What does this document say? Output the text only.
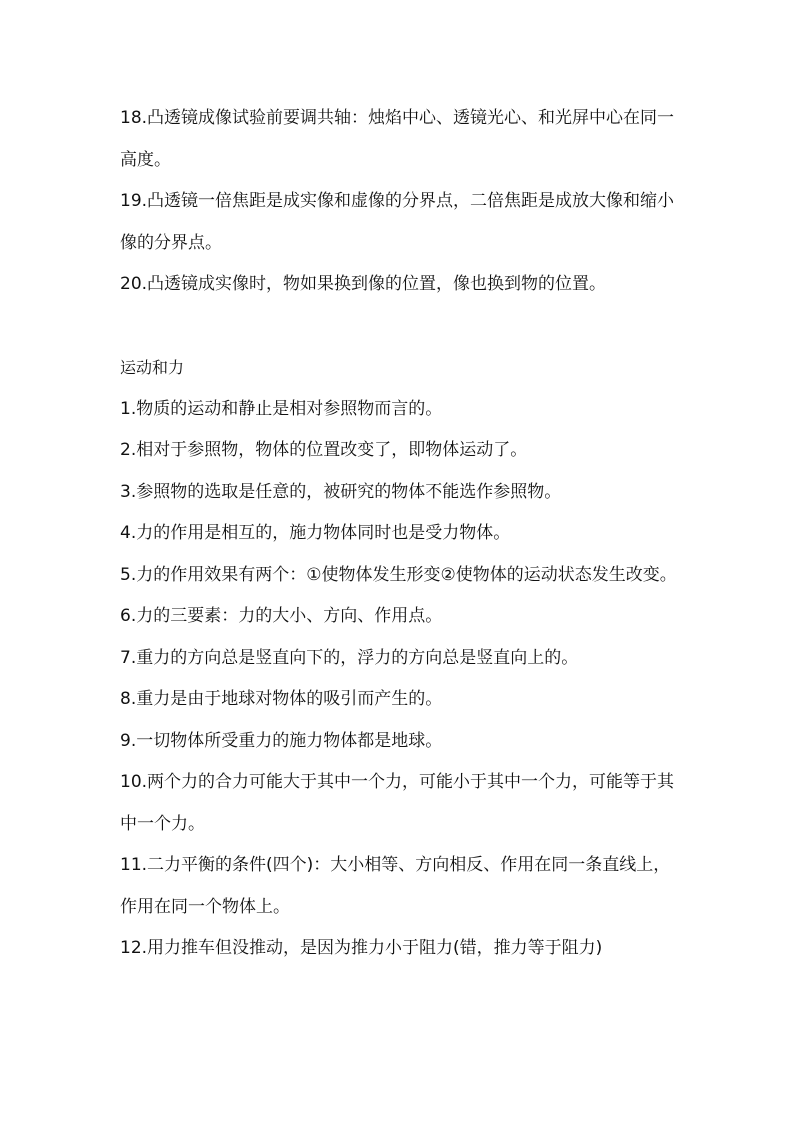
18.凸透镜成像试验前要调共轴：烛焰中心、透镜光心、和光屏中心在同一高度。

19.凸透镜一倍焦距是成实像和虚像的分界点，二倍焦距是成放大像和缩小像的分界点。

20.凸透镜成实像时，物如果换到像的位置，像也换到物的位置。

运动和力

1.物质的运动和静止是相对参照物而言的。

2.相对于参照物，物体的位置改变了，即物体运动了。

3.参照物的选取是任意的，被研究的物体不能选作参照物。

4.力的作用是相互的，施力物体同时也是受力物体。

5.力的作用效果有两个：①使物体发生形变②使物体的运动状态发生改变。

6.力的三要素：力的大小、方向、作用点。

7.重力的方向总是竖直向下的，浮力的方向总是竖直向上的。

8.重力是由于地球对物体的吸引而产生的。

9.一切物体所受重力的施力物体都是地球。

10.两个力的合力可能大于其中一个力，可能小于其中一个力，可能等于其中一个力。

11.二力平衡的条件(四个)：大小相等、方向相反、作用在同一条直线上，作用在同一个物体上。

12.用力推车但没推动，是因为推力小于阻力(错，推力等于阻力)
